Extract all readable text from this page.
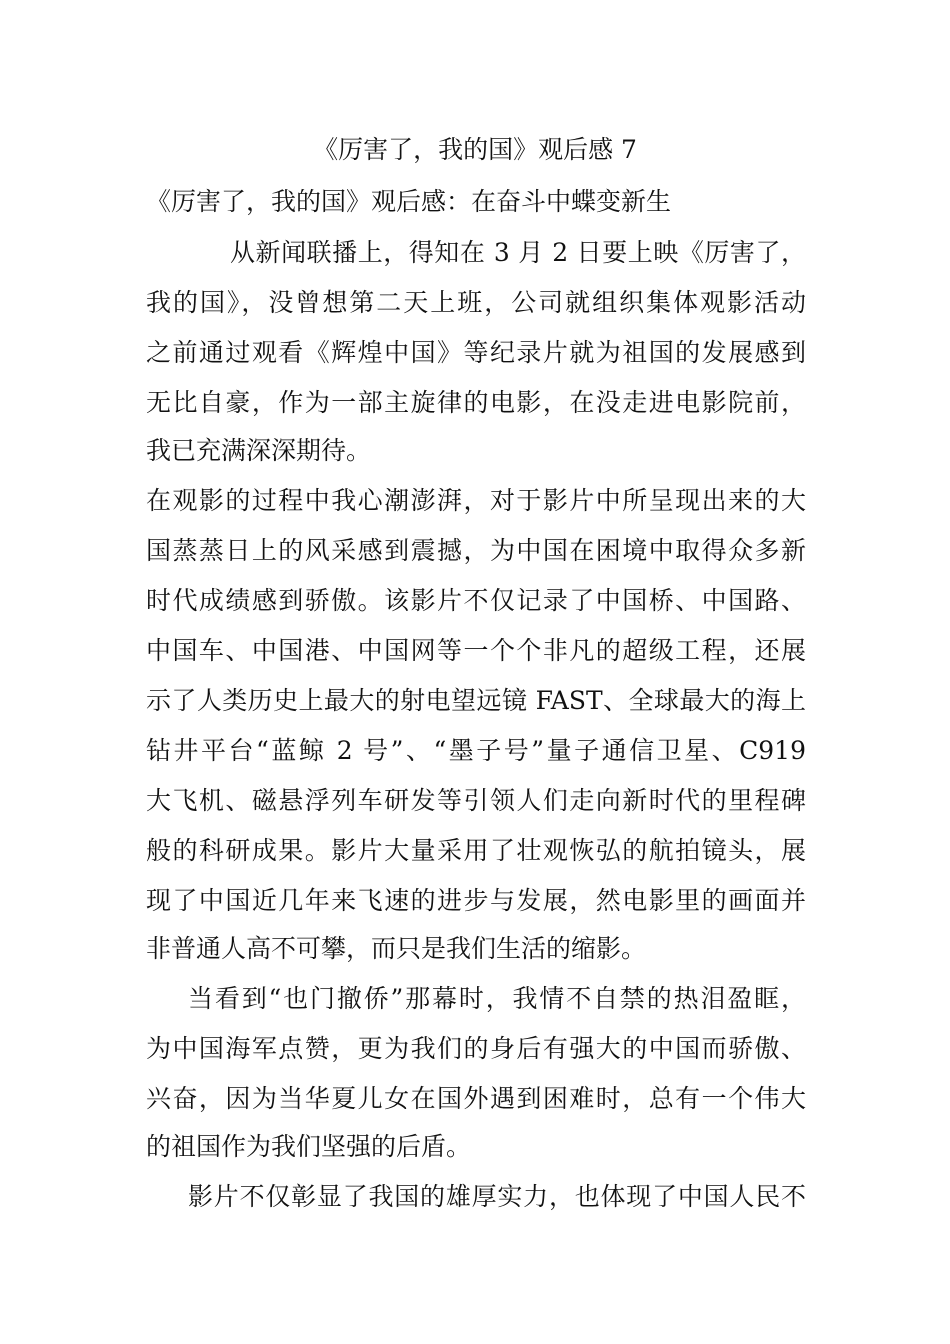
《厉害了，我的国》观后感 7
《厉害了，我的国》观后感：在奋斗中蝶变新生

从新闻联播上，得知在 3 月 2 日要上映《厉害了，

我的国》，没曾想第二天上班，公司就组织集体观影活动

之前通过观看《辉煌中国》等纪录片就为祖国的发展感到

无比自豪，作为一部主旋律的电影，在没走进电影院前，

我已充满深深期待。

在观影的过程中我心潮澎湃，对于影片中所呈现出来的大

国蒸蒸日上的风采感到震撼，为中国在困境中取得众多新

时代成绩感到骄傲。该影片不仅记录了中国桥、中国路、

中国车、中国港、中国网等一个个非凡的超级工程，还展

示了人类历史上最大的射电望远镜 FAST、全球最大的海上

钻井平台“蓝鲸 2 号”、“墨子号”量子通信卫星、C919

大飞机、磁悬浮列车研发等引领人们走向新时代的里程碑

般的科研成果。影片大量采用了壮观恢弘的航拍镜头，展

现了中国近几年来飞速的进步与发展，然电影里的画面并

非普通人高不可攀，而只是我们生活的缩影。

当看到“也门撤侨”那幕时，我情不自禁的热泪盈眶，

为中国海军点赞，更为我们的身后有强大的中国而骄傲、

兴奋，因为当华夏儿女在国外遇到困难时，总有一个伟大

的祖国作为我们坚强的后盾。

影片不仅彰显了我国的雄厚实力，也体现了中国人民不
